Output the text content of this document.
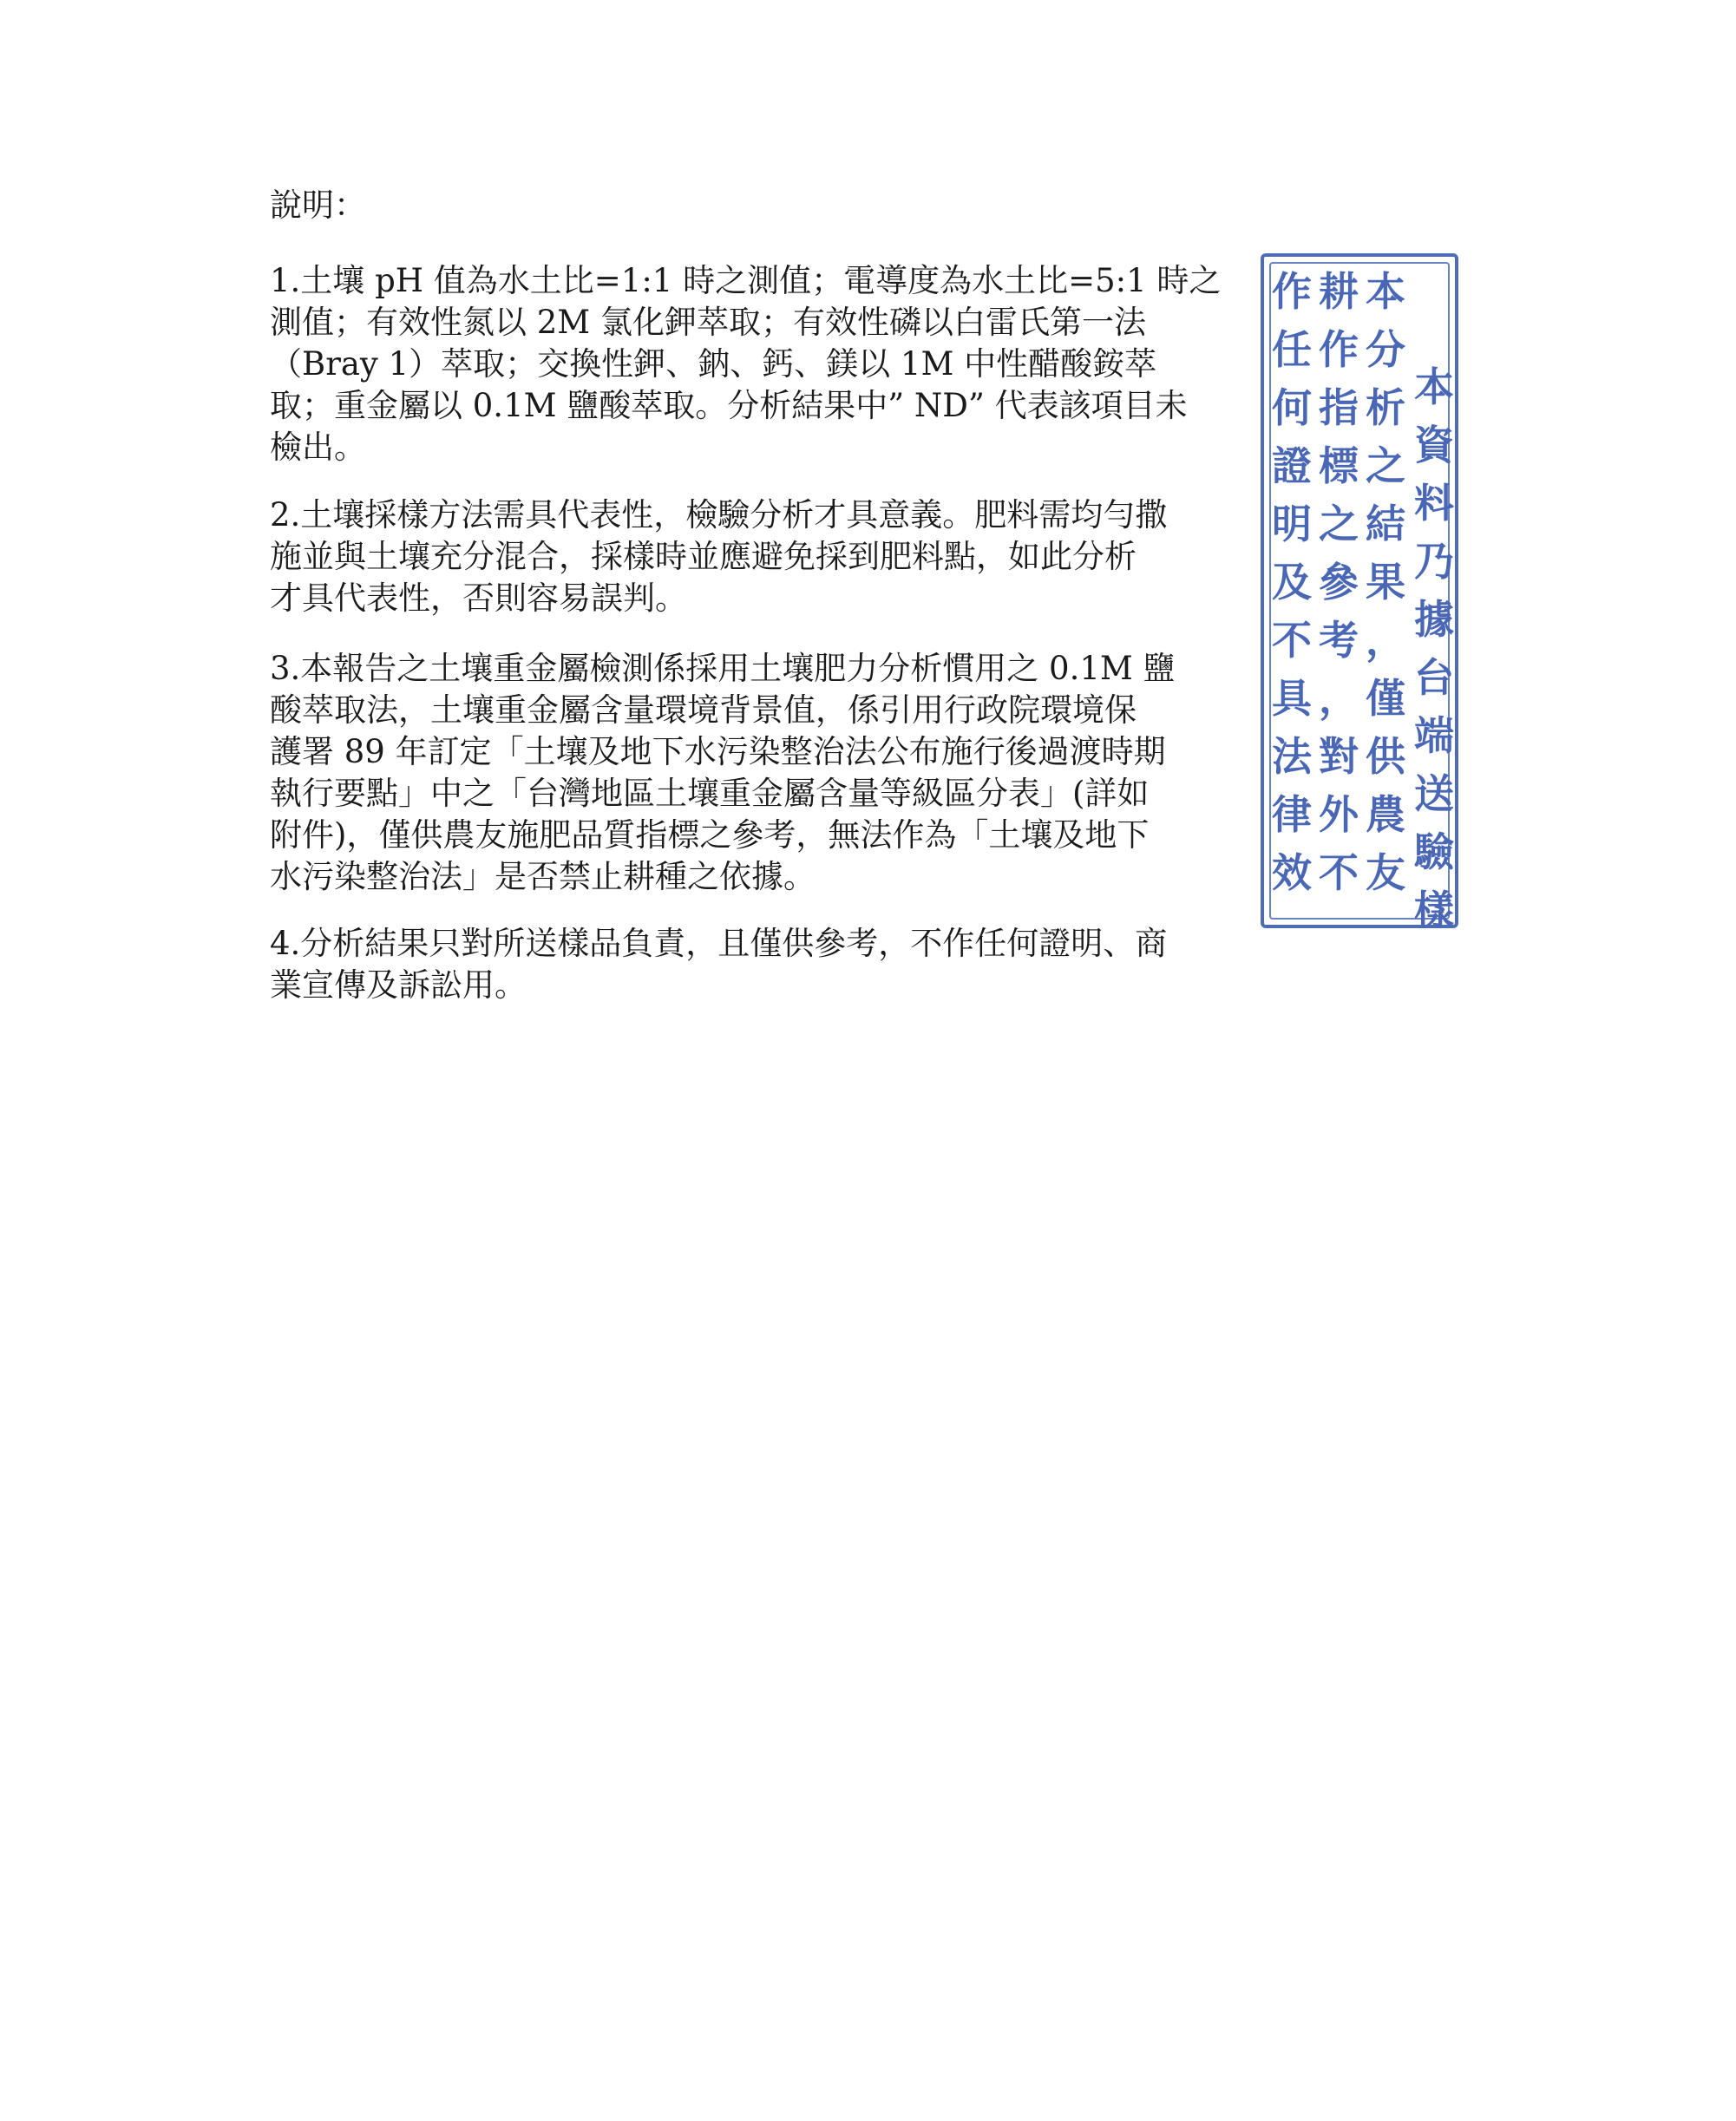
說明：

1.土壤 pH 值為水土比=1:1 時之測值；電導度為水土比=5:1 時之
測值；有效性氮以 2M 氯化鉀萃取；有效性磷以白雷氏第一法
（Bray 1）萃取；交換性鉀、鈉、鈣、鎂以 1M 中性醋酸銨萃
取；重金屬以 0.1M 鹽酸萃取。分析結果中” ND” 代表該項目未
檢出。

2.土壤採樣方法需具代表性，檢驗分析才具意義。肥料需均勻撒
施並與土壤充分混合，採樣時並應避免採到肥料點，如此分析
才具代表性，否則容易誤判。

3.本報告之土壤重金屬檢測係採用土壤肥力分析慣用之 0.1M 鹽
酸萃取法，土壤重金屬含量環境背景值，係引用行政院環境保
護署 89 年訂定「土壤及地下水污染整治法公布施行後過渡時期
執行要點」中之「台灣地區土壤重金屬含量等級區分表」(詳如
附件)，僅供農友施肥品質指標之參考，無法作為「土壤及地下
水污染整治法」是否禁止耕種之依據。

4.分析結果只對所送樣品負責，且僅供參考，不作任何證明、商
業宣傳及訴訟用。

本
資
料
乃
據
台
端
送
驗
樣
本
分
析
之
結
果
，
僅
供
農
友
耕
作
指
標
之
參
考
，
對
外
不
作
任
何
證
明
及
不
具
法
律
效
